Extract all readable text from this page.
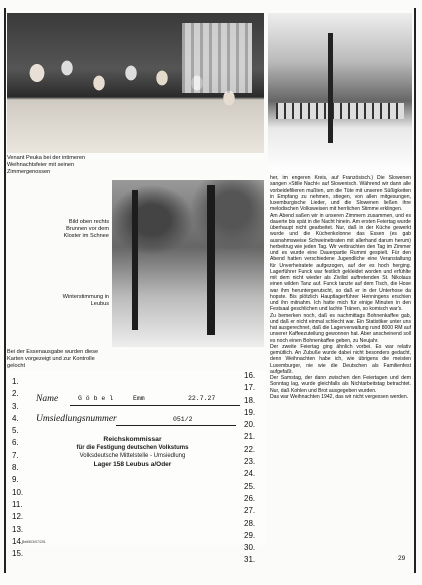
Venant Peuka bei der intimeren Weihnachtsfeier mit seinen Zimmergenossen

Bild oben rechts Brunnen vor dem Kloster im Schnee

Winterstimmung in Leubus

Bei der Essenausgabe wurden diese Karten vorgezeigt und zur Kontrolle gelocht

her, im engeren Kreis, auf Französisch.) Die Slowenen sangen »Stille Nacht« auf Slowenisch. Während wir dann alle vorbeidefilieren mußten, um die Tüte mit unseren Süßigkeiten in Empfang zu nehmen, stiegen, von allen mitgesungen, luxemburgische Lieder, und die Slowenen ließen ihre melodischen Volksweisen mit herrlichen Stimme erklingen.

Am Abend saßen wir in unseren Zimmern zusammen, und es dauerte bis spät in die Nacht hinein. Am ersten Feiertag wurde überhaupt nicht gearbeitet. Nur, daß in der Küche gewerkt wurde und die Küchenkolonne das Essen (es gab ausnahmsweise Schweinebraten mit allerhand darum herum) herbeitrug wie jeden Tag. Wir verbrachten den Tag im Zimmer und es wurde eine Dauerpartie Rummi gespielt. Für den Abend hatten verschiedene Jugendliche eine Veranstaltung für Unverheiratete aufgezogen, auf der es hoch herging. Lagerführer Funck war festlich gekleidet worden und erfühlte mit dem nicht wieder als Zivilist auftretenden St. Nikolaus einen wilden Tanz auf. Funck tanzte auf dem Tisch, die Hose war ihm heruntergerutscht, so daß er in der Unterhose da hopste. Bis plötzlich Hauptlagerführer Henningens erschien und ihn mitnahm. Ich hatte mich für einige Minuten in den Festsaal geschlichen und lachte Tränen, so komisch war's.

Zu bemerken noch, daß es nachmittags Bohnenkaffee gab, und daß er nicht einmal schlecht war. Ein Statistiker unter uns hat ausgerechnet, daß die Lagerverwaltung rund 8000 RM auf unserer Kaffeezuteilung gewonnen hat. Aber anscheinend soll es noch einen Bohnenkaffee geben, zu Neujahr.

Der zweite Feiertag ging ähnlich vorbei. Es war relativ gemütlich. An Zubuße wurde dabei nicht besonders gedacht, denn Weihnachten habe ich, wie übrigens die meisten Luxemburger, nie wie die Deutschen als Familienfest aufgefaßt.

Der Samstag, der dann zwischen den Feiertagen und dem Sonntag lag, wurde gleichfalls als Nichtarbeitstag betrachtet. Nur, daß Kohlen und Brot ausgegeben wurden.

Das war Weihnachten 1942, das wir nicht vergessen werden.

1.
2.
3.
4.
5.
6.
7.
8.
9.
10.
11.
12.
13.
14.
15.
16.
17.
18.
19.
20.
21.
22.
23.
24.
25.
26.
27.
28.
29.
30.
31.
Name	G ö b e l	Emm	22.7.27
Umsiedlungsnummer	051/2
Reichskommissar
für die Festigung deutschen Volkstums
Volksdeutsche Mittelstelle - Umsiedlung
Lager 158 Leubus a/Oder
Be6503/07/201
29
